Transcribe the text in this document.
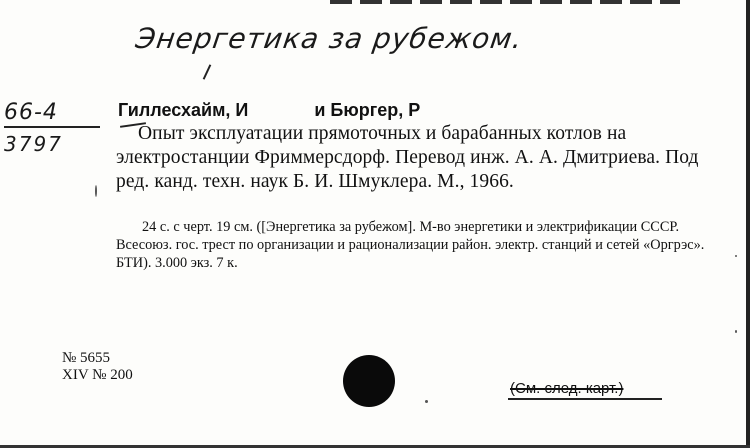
Энергетика за рубежом.
66-4
3797

Гиллесхайм, И	и Бюргер, Р

Опыт эксплуатации прямоточных и барабанных котлов на электростанции Фриммерсдорф. Перевод инж. А. А. Дмитриева. Под ред. канд. техн. наук Б. И. Шмуклера. М., 1966.

24 с. с черт. 19 см. ([Энергетика за рубежом]. М-во энергетики и электрификации СССР. Всесоюз. гос. трест по организации и рационализации район. электр. станций и сетей «Оргрэс». БТИ). 3.000 экз. 7 к.

№ 5655
XIV № 200

(См. след. карт.)
